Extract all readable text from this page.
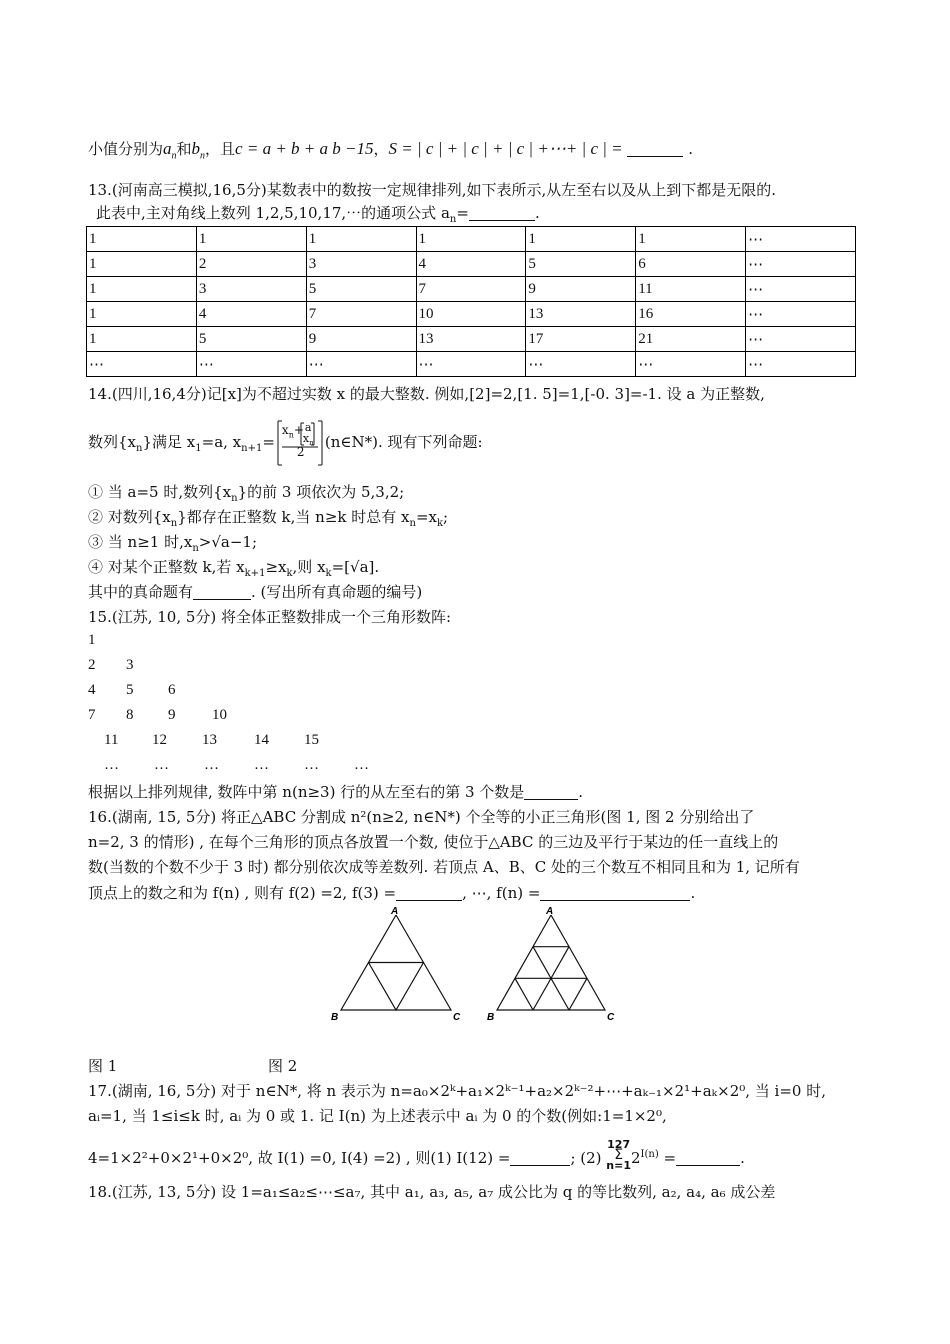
小值分别为$a_n$和$b_n$，且c = a + b + a b −15，S = | c | + | c | + | c | +⋯+ | c | =	.
13.(河南高三模拟,16,5分)某数表中的数按一定规律排列,如下表所示,从左至右以及从上到下都是无限的.
此表中,主对角线上数列 1,2,5,10,17,⋯的通项公式 $a_n=$	.
1	1	1	1	1	1	⋯
1	2	3	4	5	6	⋯
1	3	5	7	9	11	⋯
1	4	7	10	13	16	⋯
1	5	9	13	17	21	⋯
⋯	⋯	⋯	⋯	⋯	⋯	⋯
14.(四川,16,4分)记[x]为不超过实数 x 的最大整数. 例如,[2]=2,[1. 5]=1,[-0. 3]=-1. 设 a 为正整数,
数列$\{x_n\}$满足 $x_1=a$, $x_{n+1}=$
$x_n+ a$
$x_n$
2
(n∈N*). 现有下列命题:
① 当 a=5 时,数列$\{x_n\}$的前 3 项依次为 5,3,2;
② 对数列$\{x_n\}$都存在正整数 k,当 n≥k 时总有 $x_n=x_k$;
③ 当 n≥1 时$,x_n>√a-1$;
④ 对某个正整数 k,若 $x_{k+1}\ge x_k$,则 $x_k=[√a]$.
其中的真命题有	. (写出所有真命题的编号)
15.(江苏, 10, 5分) 将全体正整数排成一个三角形数阵:
1
2 3
4 5 6
7 8 9 10
11 12 13 14 15
… … … … … …
根据以上排列规律, 数阵中第 n(n≥3) 行的从左至右的第 3 个数是	.
16.(湖南, 15, 5分) 将正△ABC 分割成 n²(n≥2, n∈N*) 个全等的小正三角形(图 1, 图 2 分别给出了
n=2, 3 的情形) , 在每个三角形的顶点各放置一个数, 使位于△ABC 的三边及平行于某边的任一直线上的
数(当数的个数不少于 3 时) 都分别依次成等差数列. 若顶点 A、B、C 处的三个数互不相同且和为 1, 记所有
顶点上的数之和为 f(n) , 则有 f(2) =2, f(3) =	, ⋯, f(n) =	.
A
B	C
A
B	C
图 1	图 2
17.(湖南, 16, 5分) 对于 n∈N*, 将 n 表示为 n=a₀×2ᵏ+a₁×2ᵏ⁻¹+a₂×2ᵏ⁻²+⋯+aₖ₋₁×2¹+aₖ×2⁰, 当 i=0 时,
aᵢ=1, 当 1≤i≤k 时, aᵢ 为 0 或 1. 记 I(n) 为上述表示中 aᵢ 为 0 的个数(例如:1=1×2⁰,
4=1×2²+0×2¹+0×2⁰, 故 I(1) =0, I(4) =2) , 则(1) I(12) =	; (2)
127
Σ
n=1 $2^{I(n)}$ =	.
18.(江苏, 13, 5分) 设 1=a₁≤a₂≤⋯≤a₇, 其中 a₁, a₃, a₅, a₇ 成公比为 q 的等比数列, a₂, a₄, a₆ 成公差
